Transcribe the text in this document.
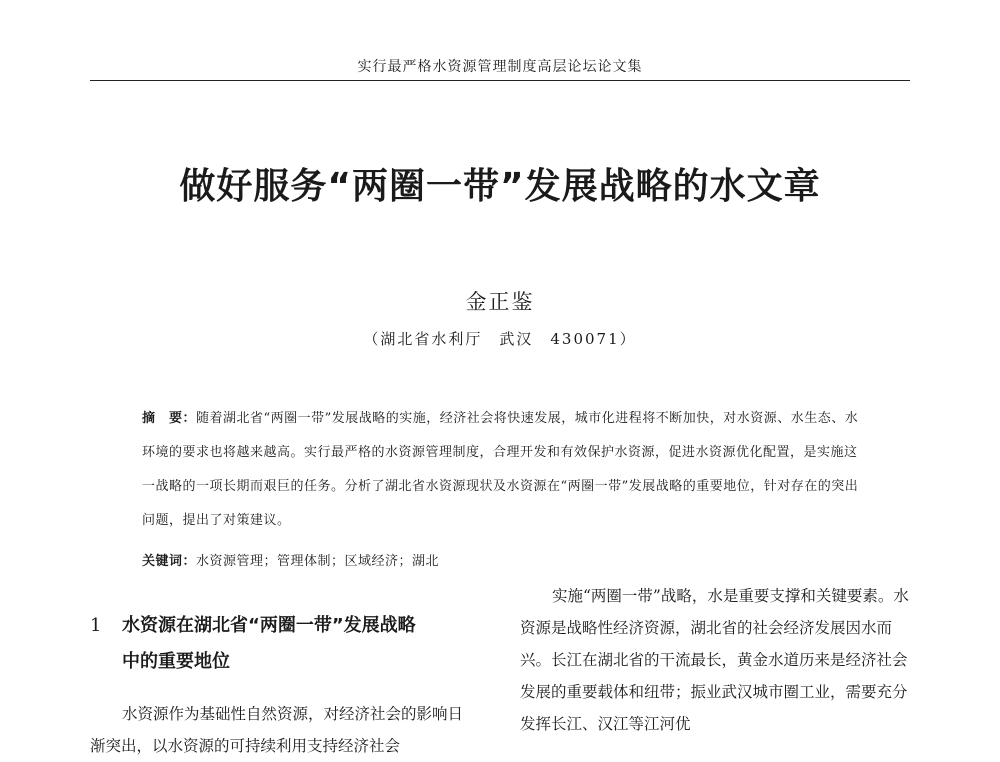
实行最严格水资源管理制度高层论坛论文集
做好服务“两圈一带”发展战略的水文章
金正鉴
（湖北省水利厅　武汉　430071）

摘　要：随着湖北省“两圈一带”发展战略的实施，经济社会将快速发展，城市化进程将不断加快，对水资源、水生态、水环境的要求也将越来越高。实行最严格的水资源管理制度，合理开发和有效保护水资源，促进水资源优化配置，是实施这一战略的一项长期而艰巨的任务。分析了湖北省水资源现状及水资源在“两圈一带”发展战略的重要地位，针对存在的突出问题，提出了对策建议。

关键词：水资源管理；管理体制；区域经济；湖北

1 水资源在湖北省“两圈一带”发展战略
中的重要地位

水资源作为基础性自然资源，对经济社会的影响日渐突出，以水资源的可持续利用支持经济社会

实施“两圈一带”战略，水是重要支撑和关键要素。水资源是战略性经济资源，湖北省的社会经济发展因水而兴。长江在湖北省的干流最长，黄金水道历来是经济社会发展的重要载体和纽带；振业武汉城市圈工业，需要充分发挥长江、汉江等江河优
